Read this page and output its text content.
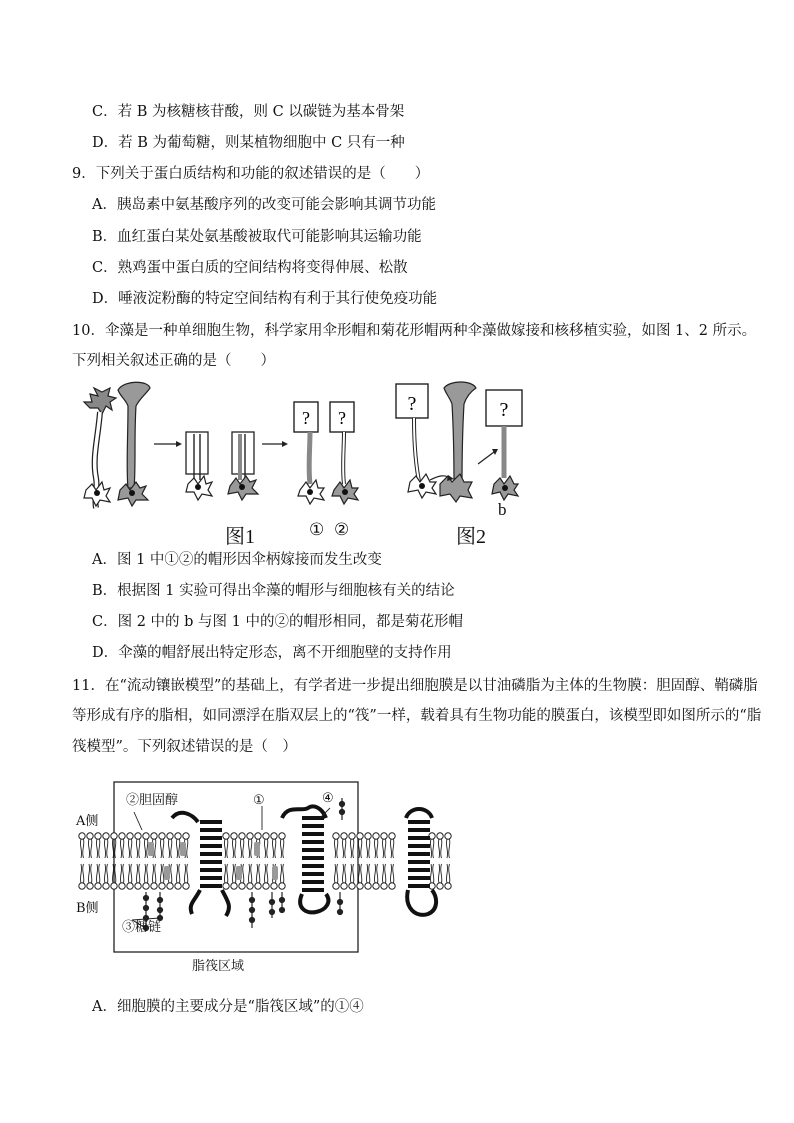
C．若 B 为核糖核苷酸，则 C 以碳链为基本骨架
D．若 B 为葡萄糖，则某植物细胞中 C 只有一种
9．下列关于蛋白质结构和功能的叙述错误的是（　　）
A．胰岛素中氨基酸序列的改变可能会影响其调节功能
B．血红蛋白某处氨基酸被取代可能影响其运输功能
C．熟鸡蛋中蛋白质的空间结构将变得伸展、松散
D．唾液淀粉酶的特定空间结构有利于其行使免疫功能
10．伞藻是一种单细胞生物，科学家用伞形帽和菊花形帽两种伞藻做嫁接和核移植实验，如图 1、2 所示。
下列相关叙述正确的是（　　）
? ?
?	?
① ②
图1
b
图2
A．图 1 中①②的帽形因伞柄嫁接而发生改变
B．根据图 1 实验可得出伞藻的帽形与细胞核有关的结论
C．图 2 中的 b 与图 1 中的②的帽形相同，都是菊花形帽
D．伞藻的帽舒展出特定形态，离不开细胞壁的支持作用
11．在“流动镶嵌模型”的基础上，有学者进一步提出细胞膜是以甘油磷脂为主体的生物膜：胆固醇、鞘磷脂
等形成有序的脂相，如同漂浮在脂双层上的“筏”一样，载着具有生物功能的膜蛋白，该模型即如图所示的“脂
筏模型”。下列叙述错误的是（　）
A侧
B侧
②胆固醇	①	④
③糖链
脂筏区域
A．细胞膜的主要成分是“脂筏区域”的①④
